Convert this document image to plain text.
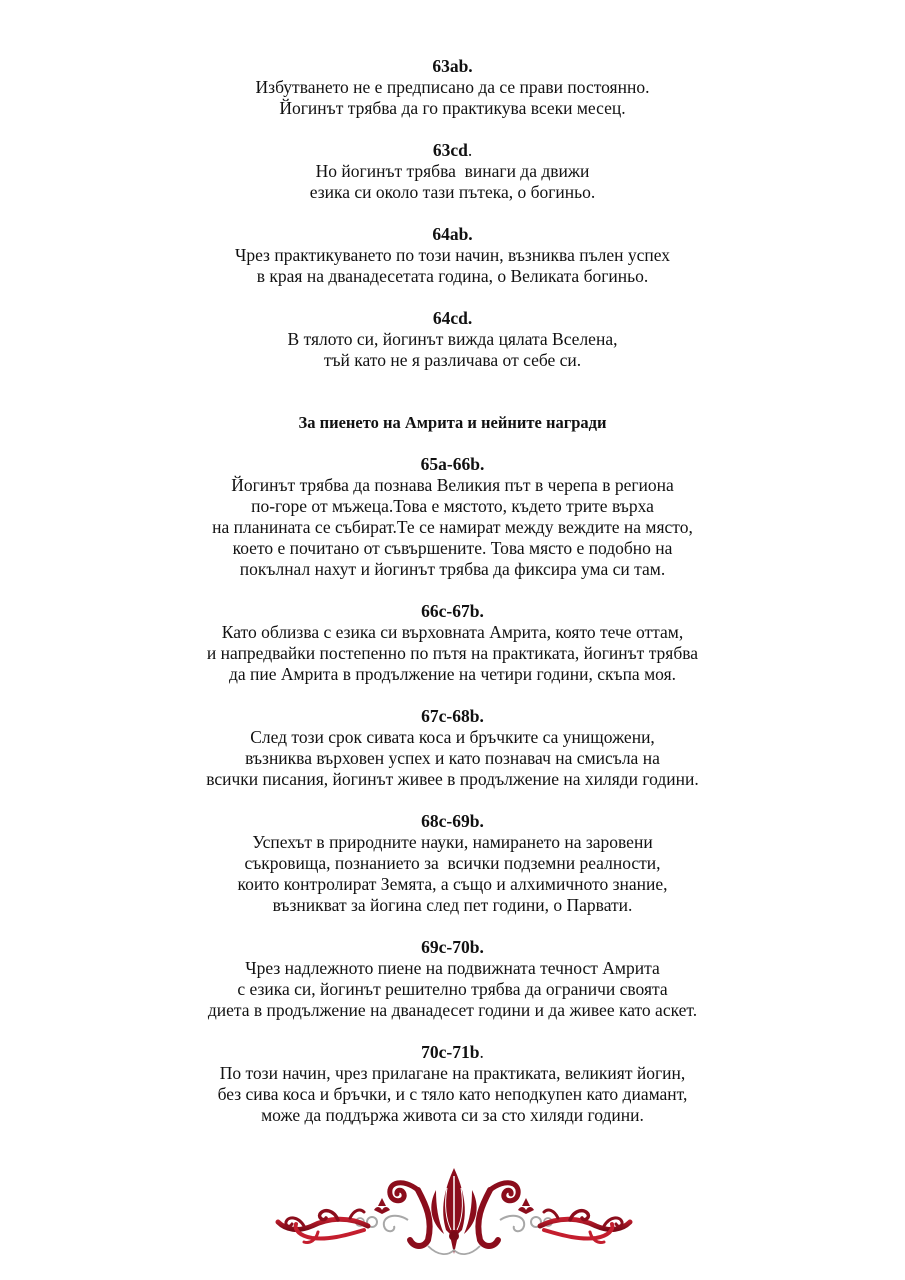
63ab.
Избутването не е предписано да се прави постоянно.
Йогинът трябва да го практикува всеки месец.
63cd.
Но йогинът трябва  винаги да движи
езика си около тази пътека, о богиньо.
64ab.
Чрез практикуването по този начин, възниква пълен успех
в края на дванадесетата година, о Великата богиньо.
64cd.
В тялото си, йогинът вижда цялата Вселена,
тъй като не я различава от себе си.
За пиенето на Амрита и нейните награди
65a-66b.
Йогинът трябва да познава Великия път в черепа в региона
по-горе от мъжеца.Това е мястото, където трите върха
на планината се събират.Те се намират между веждите на място,
което е почитано от съвършените. Това място е подобно на
покълнал нахут и йогинът трябва да фиксира ума си там.
66c-67b.
Като облизва с езика си върховната Амрита, която тече оттам,
и напредвайки постепенно по пътя на практиката, йогинът трябва
да пие Амрита в продължение на четири години, скъпа моя.
67c-68b.
След този срок сивата коса и бръчките са унищожени,
възниква върховен успех и като познавач на смисъла на
всички писания, йогинът живее в продължение на хиляди години.
68c-69b.
Успехът в природните науки, намирането на заровени
съкровища, познанието за  всички подземни реалности,
които контролират Земята, а също и алхимичното знание,
възникват за йогина след пет години, о Парвати.
69c-70b.
Чрез надлежното пиене на подвижната течност Амрита
с езика си, йогинът решително трябва да ограничи своята
диета в продължение на дванадесет години и да живее като аскет.
70c-71b.
По този начин, чрез прилагане на практиката, великият йогин,
без сива коса и бръчки, и с тяло като неподкупен като диамант,
може да поддържа живота си за сто хиляди години.
